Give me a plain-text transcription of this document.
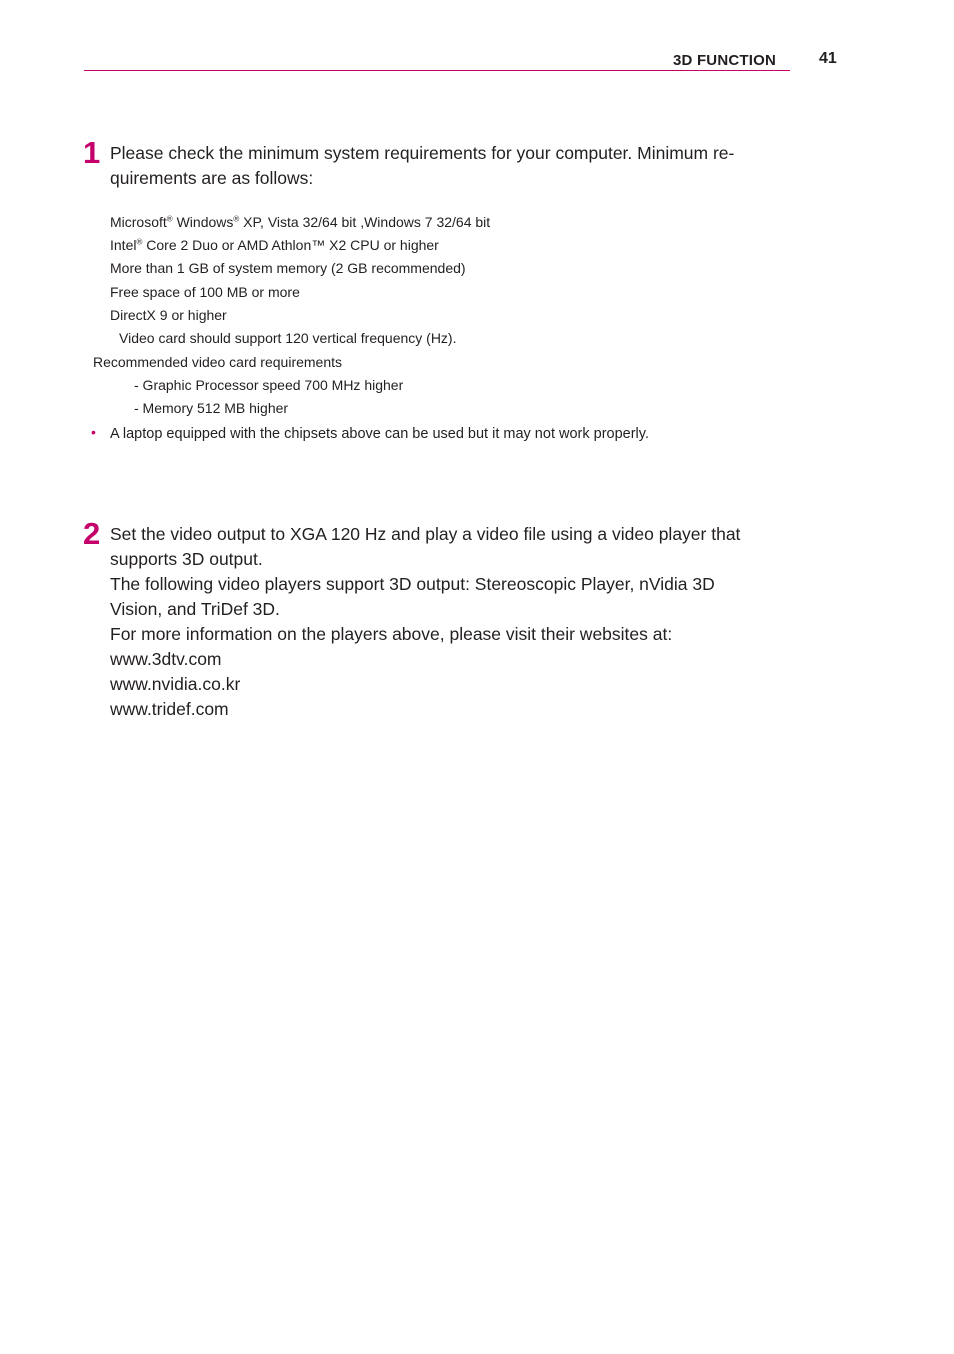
3D FUNCTION	41
1 Please check the minimum system requirements for your computer. Minimum re-
quirements are as follows:
Microsoft® Windows® XP, Vista 32/64 bit ,Windows 7 32/64 bit
Intel® Core 2 Duo or AMD Athlon™ X2 CPU or higher
More than 1 GB of system memory (2 GB recommended)
Free space of 100 MB or more
DirectX 9 or higher
Video card should support 120 vertical frequency (Hz).
Recommended video card requirements
- Graphic Processor speed 700 MHz higher
- Memory 512 MB higher
• A laptop equipped with the chipsets above can be used but it may not work properly.
2 Set the video output to XGA 120 Hz and play a video file using a video player that
supports 3D output.
The following video players support 3D output: Stereoscopic Player, nVidia 3D
Vision, and TriDef 3D.
For more information on the players above, please visit their websites at:
www.3dtv.com
www.nvidia.co.kr
www.tridef.com
